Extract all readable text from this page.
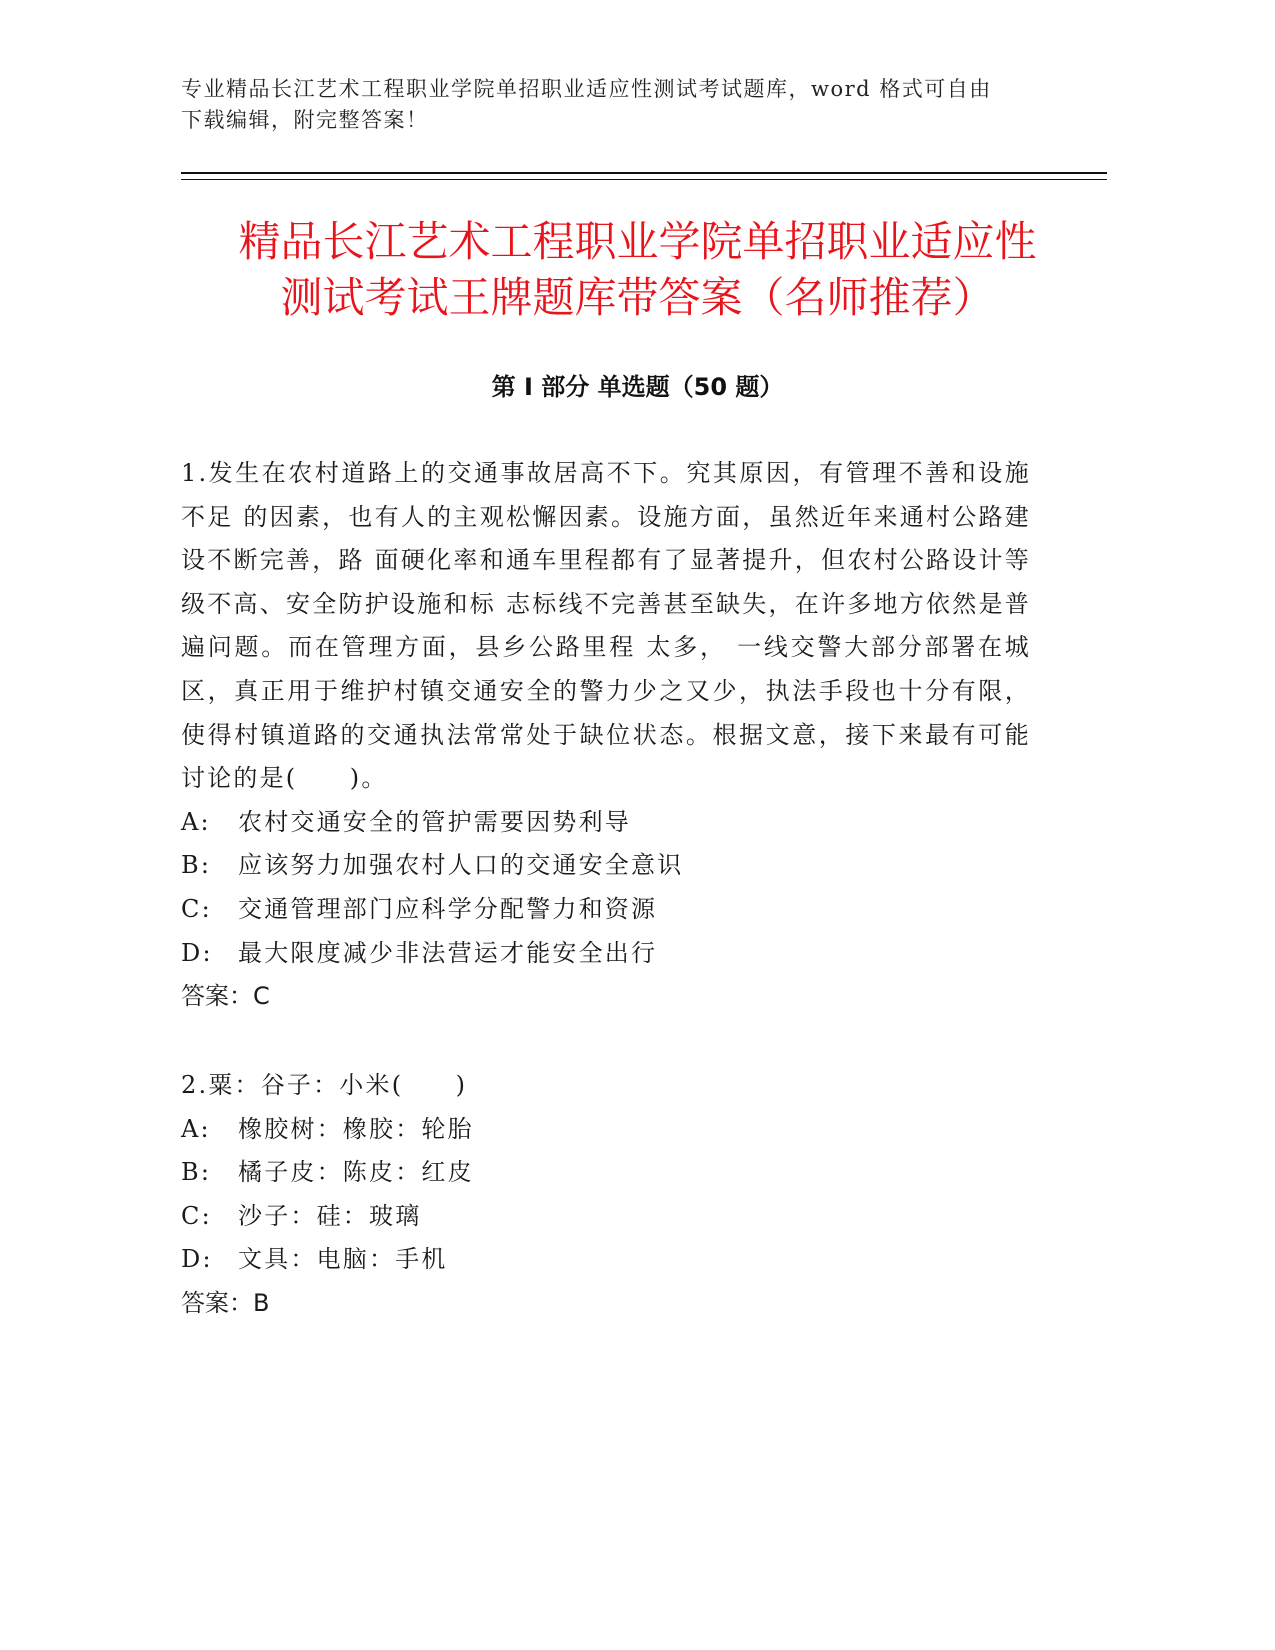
专业精品长江艺术工程职业学院单招职业适应性测试考试题库，word 格式可自由
下载编辑，附完整答案！
精品长江艺术工程职业学院单招职业适应性
测试考试王牌题库带答案（名师推荐）
第 I 部分 单选题（50 题）

1.发生在农村道路上的交通事故居高不下。究其原因，有管理不善和设施不足 的因素，也有人的主观松懈因素。设施方面，虽然近年来通村公路建设不断完善，路 面硬化率和通车里程都有了显著提升，但农村公路设计等级不高、安全防护设施和标 志标线不完善甚至缺失，在许多地方依然是普遍问题。而在管理方面，县乡公路里程 太多， 一线交警大部分部署在城区，真正用于维护村镇交通安全的警力少之又少，执法手段也十分有限，使得村镇道路的交通执法常常处于缺位状态。根据文意，接下来最有可能讨论的是(　　)。

A: 农村交通安全的管护需要因势利导

B: 应该努力加强农村人口的交通安全意识

C: 交通管理部门应科学分配警力和资源

D: 最大限度减少非法营运才能安全出行

答案：C

2.粟：谷子：小米(　　)

A: 橡胶树：橡胶：轮胎

B: 橘子皮：陈皮：红皮

C: 沙子：硅：玻璃

D: 文具：电脑：手机

答案：B
